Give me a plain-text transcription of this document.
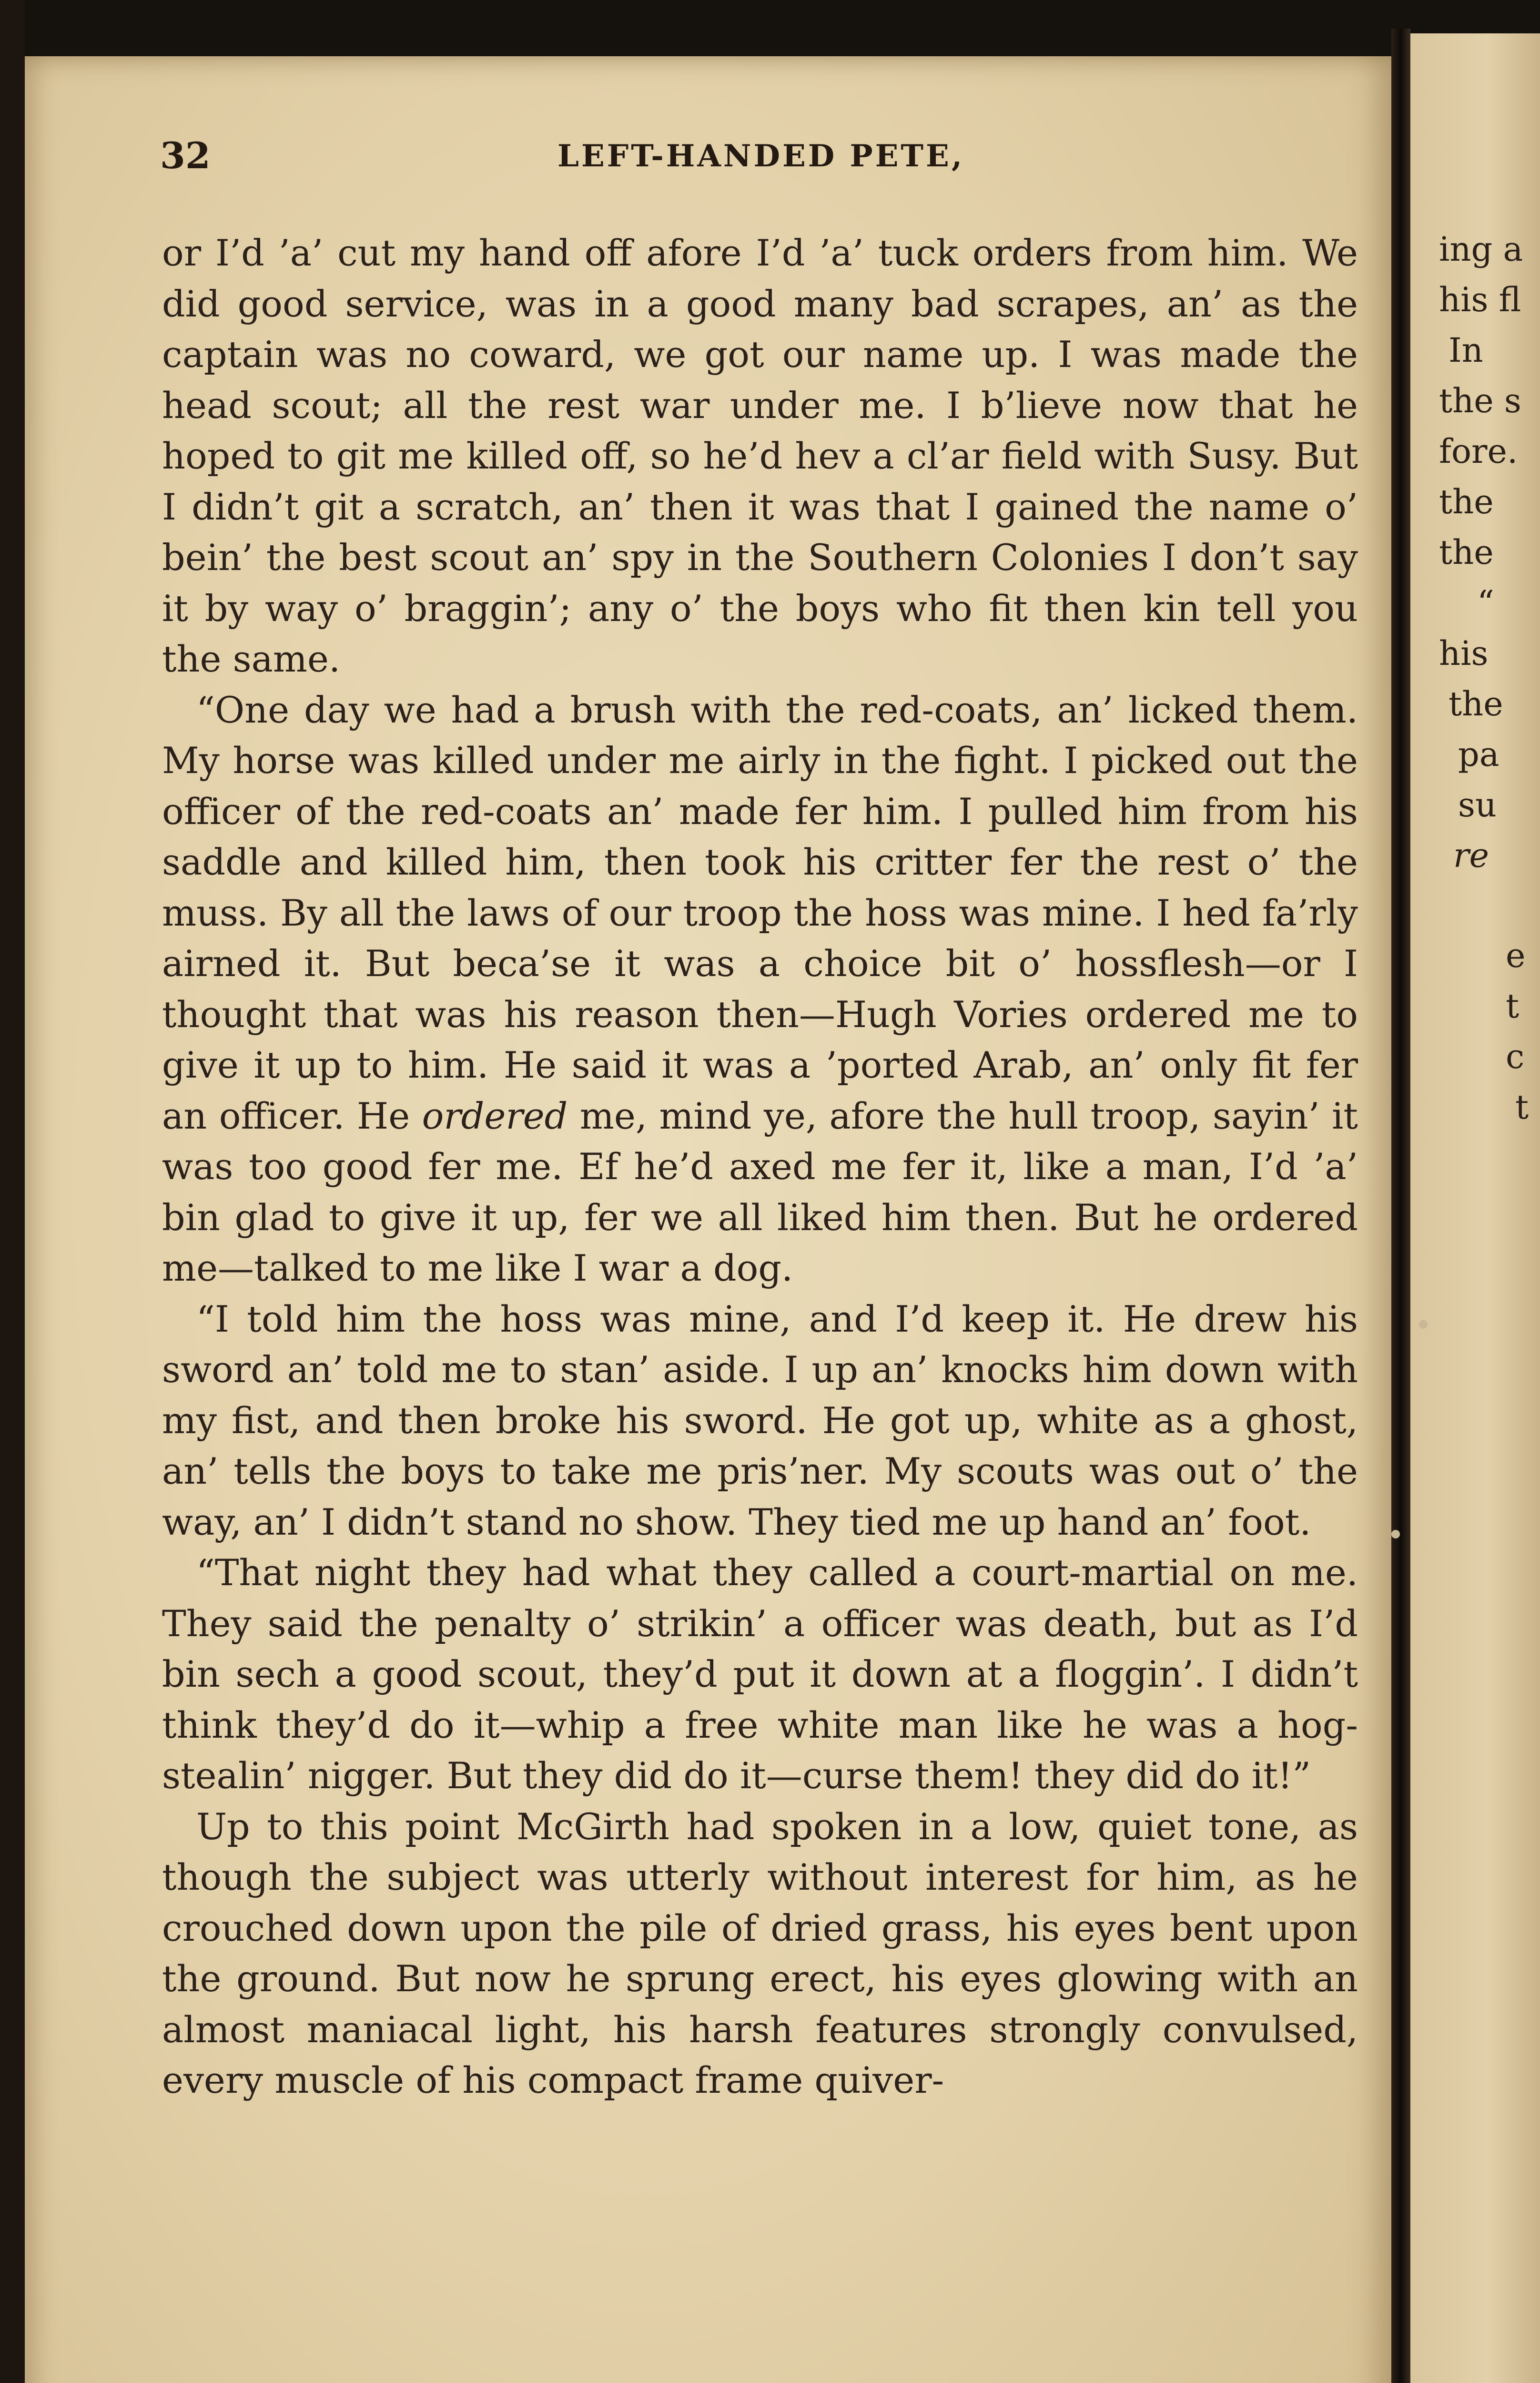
32	LEFT-HANDED PETE,

or I’d ’a’ cut my hand off afore I’d ’a’ tuck orders from him. We did good service, was in a good many bad scrapes, an’ as the captain was no coward, we got our name up. I was made the head scout; all the rest war under me. I b’lieve now that he hoped to git me killed off, so he’d hev a cl’ar field with Susy. But I didn’t git a scratch, an’ then it was that I gained the name o’ bein’ the best scout an’ spy in the Southern Colonies I don’t say it by way o’ braggin’; any o’ the boys who fit then kin tell you the same.

“One day we had a brush with the red-coats, an’ licked them. My horse was killed under me airly in the fight. I picked out the officer of the red-coats an’ made fer him. I pulled him from his saddle and killed him, then took his critter fer the rest o’ the muss. By all the laws of our troop the hoss was mine. I hed fa’rly airned it. But beca’se it was a choice bit o’ hossflesh—or I thought that was his reason then—Hugh Vories ordered me to give it up to him. He said it was a ’ported Arab, an’ only fit fer an officer. He ordered me, mind ye, afore the hull troop, sayin’ it was too good fer me. Ef he’d axed me fer it, like a man, I’d ’a’ bin glad to give it up, fer we all liked him then. But he ordered me—talked to me like I war a dog.

“I told him the hoss was mine, and I’d keep it. He drew his sword an’ told me to stan’ aside. I up an’ knocks him down with my fist, and then broke his sword. He got up, white as a ghost, an’ tells the boys to take me pris’ner. My scouts was out o’ the way, an’ I didn’t stand no show. They tied me up hand an’ foot.

“That night they had what they called a court-martial on me. They said the penalty o’ strikin’ a officer was death, but as I’d bin sech a good scout, they’d put it down at a floggin’. I didn’t think they’d do it—whip a free white man like he was a hog-stealin’ nigger. But they did do it—curse them! they did do it!”

Up to this point McGirth had spoken in a low, quiet tone, as though the subject was utterly without interest for him, as he crouched down upon the pile of dried grass, his eyes bent upon the ground. But now he sprung erect, his eyes glowing with an almost maniacal light, his harsh features strongly convulsed, every muscle of his compact frame quiver-

ing a

his fl

In

the s

fore.

the

the

“

his

the

pa

su

re

e

t

c

t
